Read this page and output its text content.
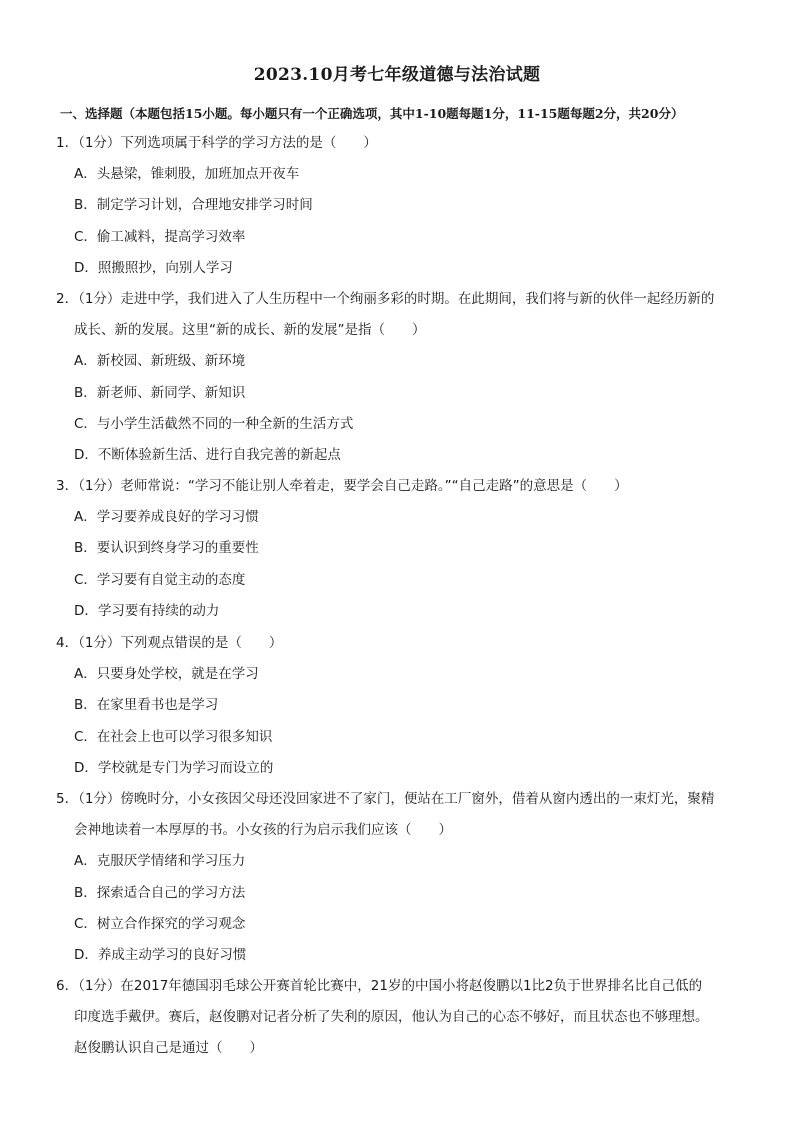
2023.10月考七年级道德与法治试题
一、选择题（本题包括15小题。每小题只有一个正确选项，其中1-10题每题1分，11-15题每题2分，共20分）
1．（1分）下列选项属于科学的学习方法的是（　　）
A．头悬梁，锥刺股，加班加点开夜车
B．制定学习计划，合理地安排学习时间
C．偷工减料，提高学习效率
D．照搬照抄，向别人学习
2．（1分）走进中学，我们进入了人生历程中一个绚丽多彩的时期。在此期间，我们将与新的伙伴一起经历新的
成长、新的发展。这里“新的成长、新的发展”是指（　　）
A．新校园、新班级、新环境
B．新老师、新同学、新知识
C．与小学生活截然不同的一种全新的生活方式
D．不断体验新生活、进行自我完善的新起点
3．（1分）老师常说：“学习不能让别人牵着走，要学会自己走路。”“自己走路”的意思是（　　）
A．学习要养成良好的学习习惯
B．要认识到终身学习的重要性
C．学习要有自觉主动的态度
D．学习要有持续的动力
4．（1分）下列观点错误的是（　　）
A．只要身处学校，就是在学习
B．在家里看书也是学习
C．在社会上也可以学习很多知识
D．学校就是专门为学习而设立的
5．（1分）傍晚时分，小女孩因父母还没回家进不了家门，便站在工厂窗外，借着从窗内透出的一束灯光，聚精
会神地读着一本厚厚的书。小女孩的行为启示我们应该（　　）
A．克服厌学情绪和学习压力
B．探索适合自己的学习方法
C．树立合作探究的学习观念
D．养成主动学习的良好习惯
6．（1分）在2017年德国羽毛球公开赛首轮比赛中，21岁的中国小将赵俊鹏以1比2负于世界排名比自己低的
印度选手戴伊。赛后，赵俊鹏对记者分析了失利的原因，他认为自己的心态不够好，而且状态也不够理想。
赵俊鹏认识自己是通过（　　）
